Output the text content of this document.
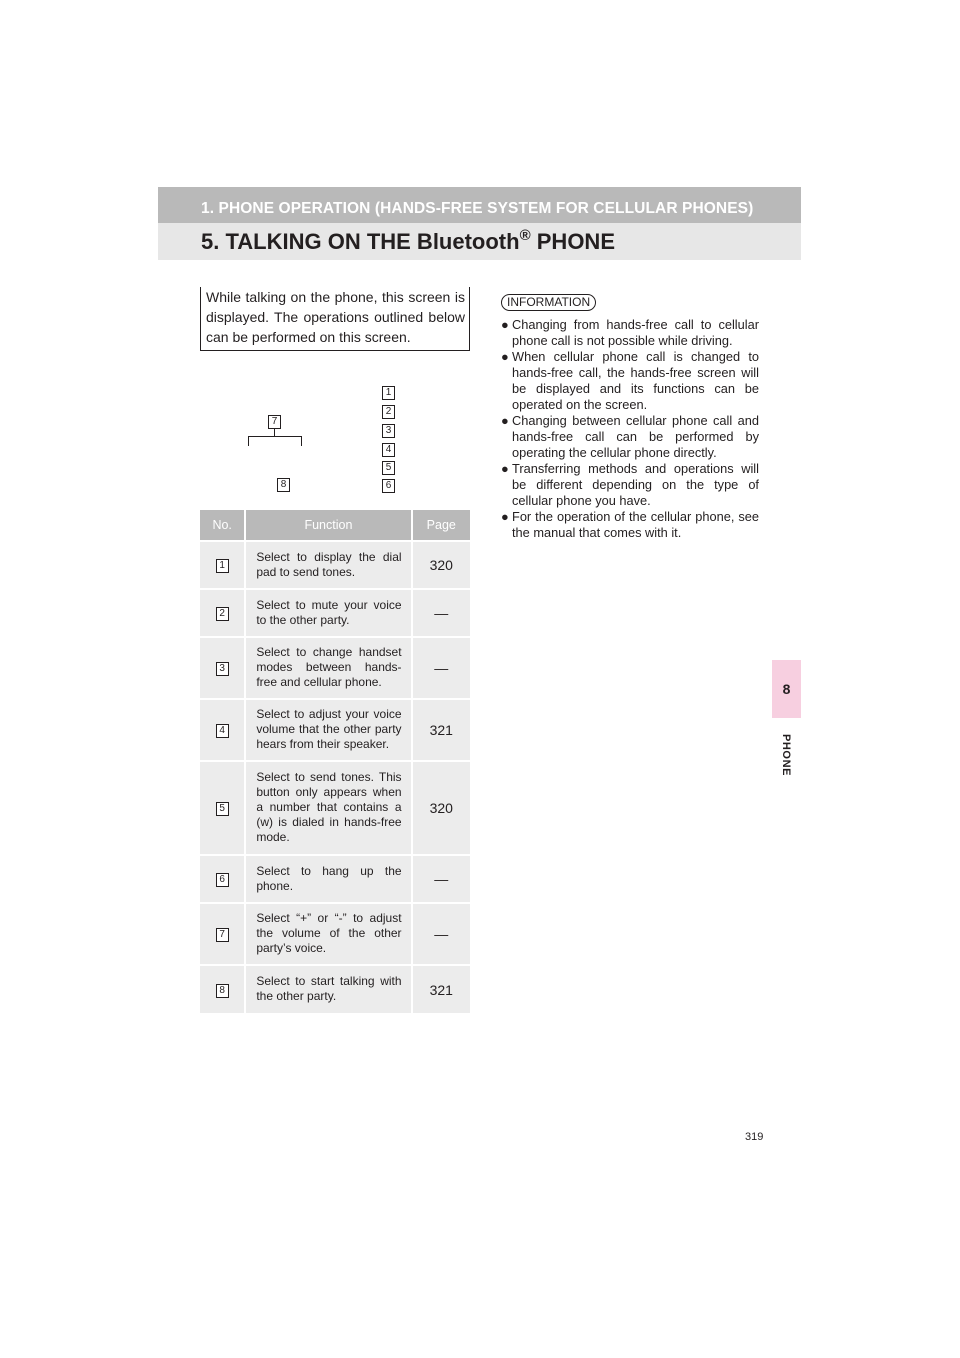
1. PHONE OPERATION (HANDS-FREE SYSTEM FOR CELLULAR PHONES)
5. TALKING ON THE Bluetooth® PHONE
8
PHONE
While talking on the phone, this screen is displayed. The operations outlined below can be performed on this screen.
1
2
3
4
5
6
7
8
No.	Function	Page
1	Select to display the dial pad to send tones.	320
2	Select to mute your voice to the other party.	—
3	Select to change handset modes between hands-free and cellular phone.	—
4	Select to adjust your voice volume that the other party hears from their speaker.	321
5	Select to send tones. This button only appears when a number that contains a (w) is dialed in hands-free mode.	320
6	Select to hang up the phone.	—
7	Select “+” or “-” to adjust the volume of the other party’s voice.	—
8	Select to start talking with the other party.	321
INFORMATION
● Changing from hands-free call to cellular phone call is not possible while driving.
● When cellular phone call is changed to hands-free call, the hands-free screen will be displayed and its functions can be operated on the screen.
● Changing between cellular phone call and hands-free call can be performed by operating the cellular phone directly.
● Transferring methods and operations will be different depending on the type of cellular phone you have.
● For the operation of the cellular phone, see the manual that comes with it.
319
